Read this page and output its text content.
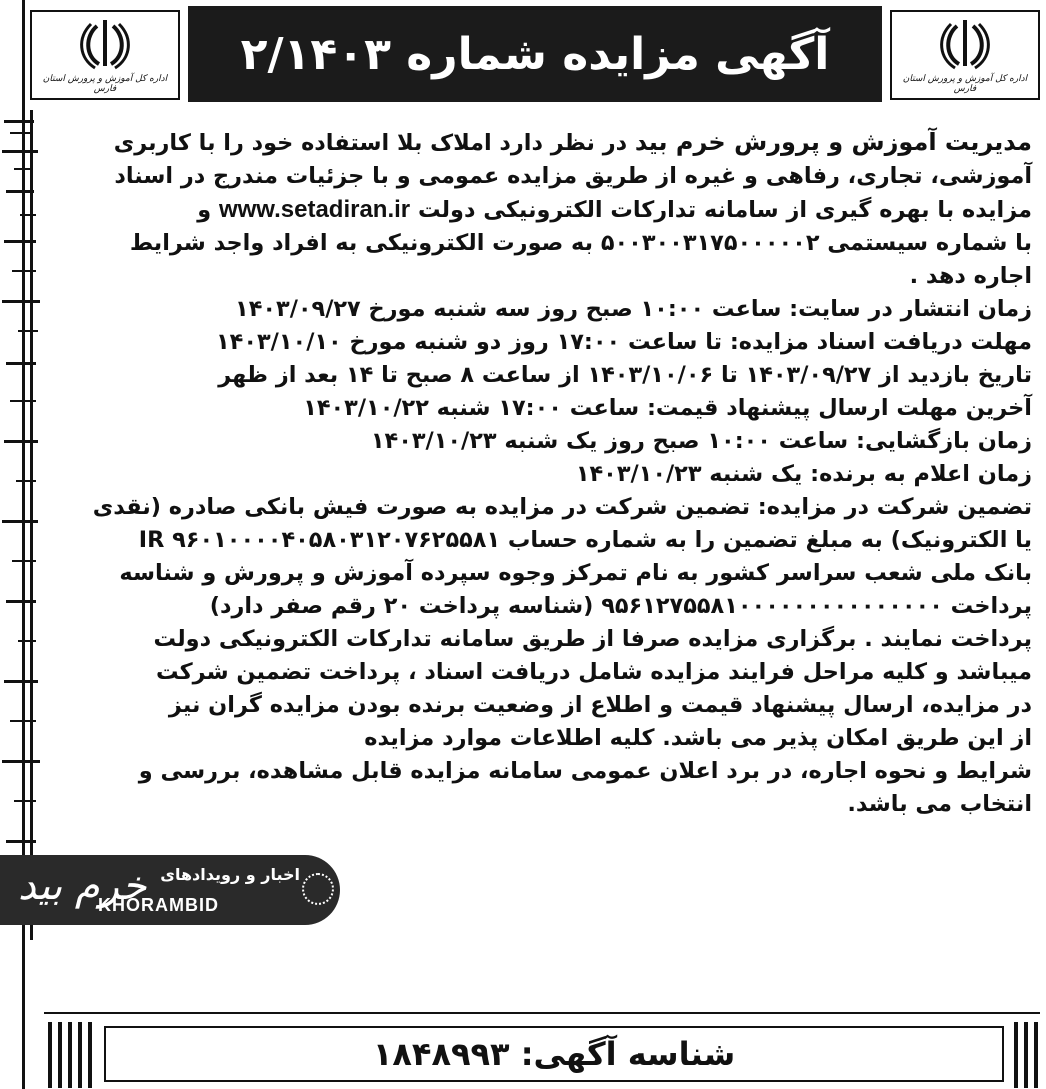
اداره کل آموزش و پرورش استان فارس
آگهی مزایده شماره ۲/۱۴۰۳	اداره کل آموزش و پرورش استان فارس
مدیریت آموزش و پرورش خرم بید در نظر دارد املاک بلا استفاده خود را با کاربری
آموزشی، تجاری، رفاهی و غیره از طریق مزایده عمومی و با جزئیات مندرج در اسناد
مزایده با بهره گیری از سامانه تدارکات الکترونیکی دولت www.setadiran.ir و
با شماره سیستمی ۵۰۰۳۰۰۳۱۷۵۰۰۰۰۰۲ به صورت الکترونیکی به افراد واجد شرایط
اجاره دهد .
زمان انتشار در سایت: ساعت ۱۰:۰۰ صبح روز سه شنبه مورخ ۱۴۰۳/۰۹/۲۷
مهلت دریافت اسناد مزایده: تا ساعت ۱۷:۰۰ روز دو شنبه مورخ ۱۴۰۳/۱۰/۱۰
تاریخ بازدید از ۱۴۰۳/۰۹/۲۷ تا ۱۴۰۳/۱۰/۰۶ از ساعت ۸ صبح تا ۱۴ بعد از ظهر
آخرین مهلت ارسال پیشنهاد قیمت: ساعت ۱۷:۰۰ شنبه ۱۴۰۳/۱۰/۲۲
زمان بازگشایی: ساعت ۱۰:۰۰ صبح روز یک شنبه ۱۴۰۳/۱۰/۲۳
زمان اعلام به برنده: یک شنبه ۱۴۰۳/۱۰/۲۳
تضمین شرکت در مزایده: تضمین شرکت در مزایده به صورت فیش بانکی صادره (نقدی
یا الکترونیک) به مبلغ تضمین را به شماره حساب IR ۹۶۰۱۰۰۰۰۴۰۵۸۰۳۱۲۰۷۶۲۵۵۸۱
بانک ملی شعب سراسر کشور به نام تمرکز وجوه سپرده آموزش و پرورش و شناسه
پرداخت ۹۵۶۱۲۷۵۵۸۱۰۰۰۰۰۰۰۰۰۰۰۰۰۰۰ (شناسه پرداخت ۲۰ رقم صفر دارد)
پرداخت نمایند . برگزاری مزایده صرفا از طریق سامانه تدارکات الکترونیکی دولت
میباشد و کلیه مراحل فرایند مزایده شامل دریافت اسناد ، پرداخت تضمین شرکت
در مزایده، ارسال پیشنهاد قیمت و اطلاع از وضعیت برنده بودن مزایده گران نیز
از این طریق امکان پذیر می باشد. کلیه اطلاعات موارد مزایده
شرایط و نحوه اجاره، در برد اعلان عمومی سامانه مزایده قابل مشاهده، بررسی و
انتخاب می باشد.
خرم بید اخبار و رویدادهای
KHORAMBID
شناسه آگهی:

۱۸۴۸۹۹۳
